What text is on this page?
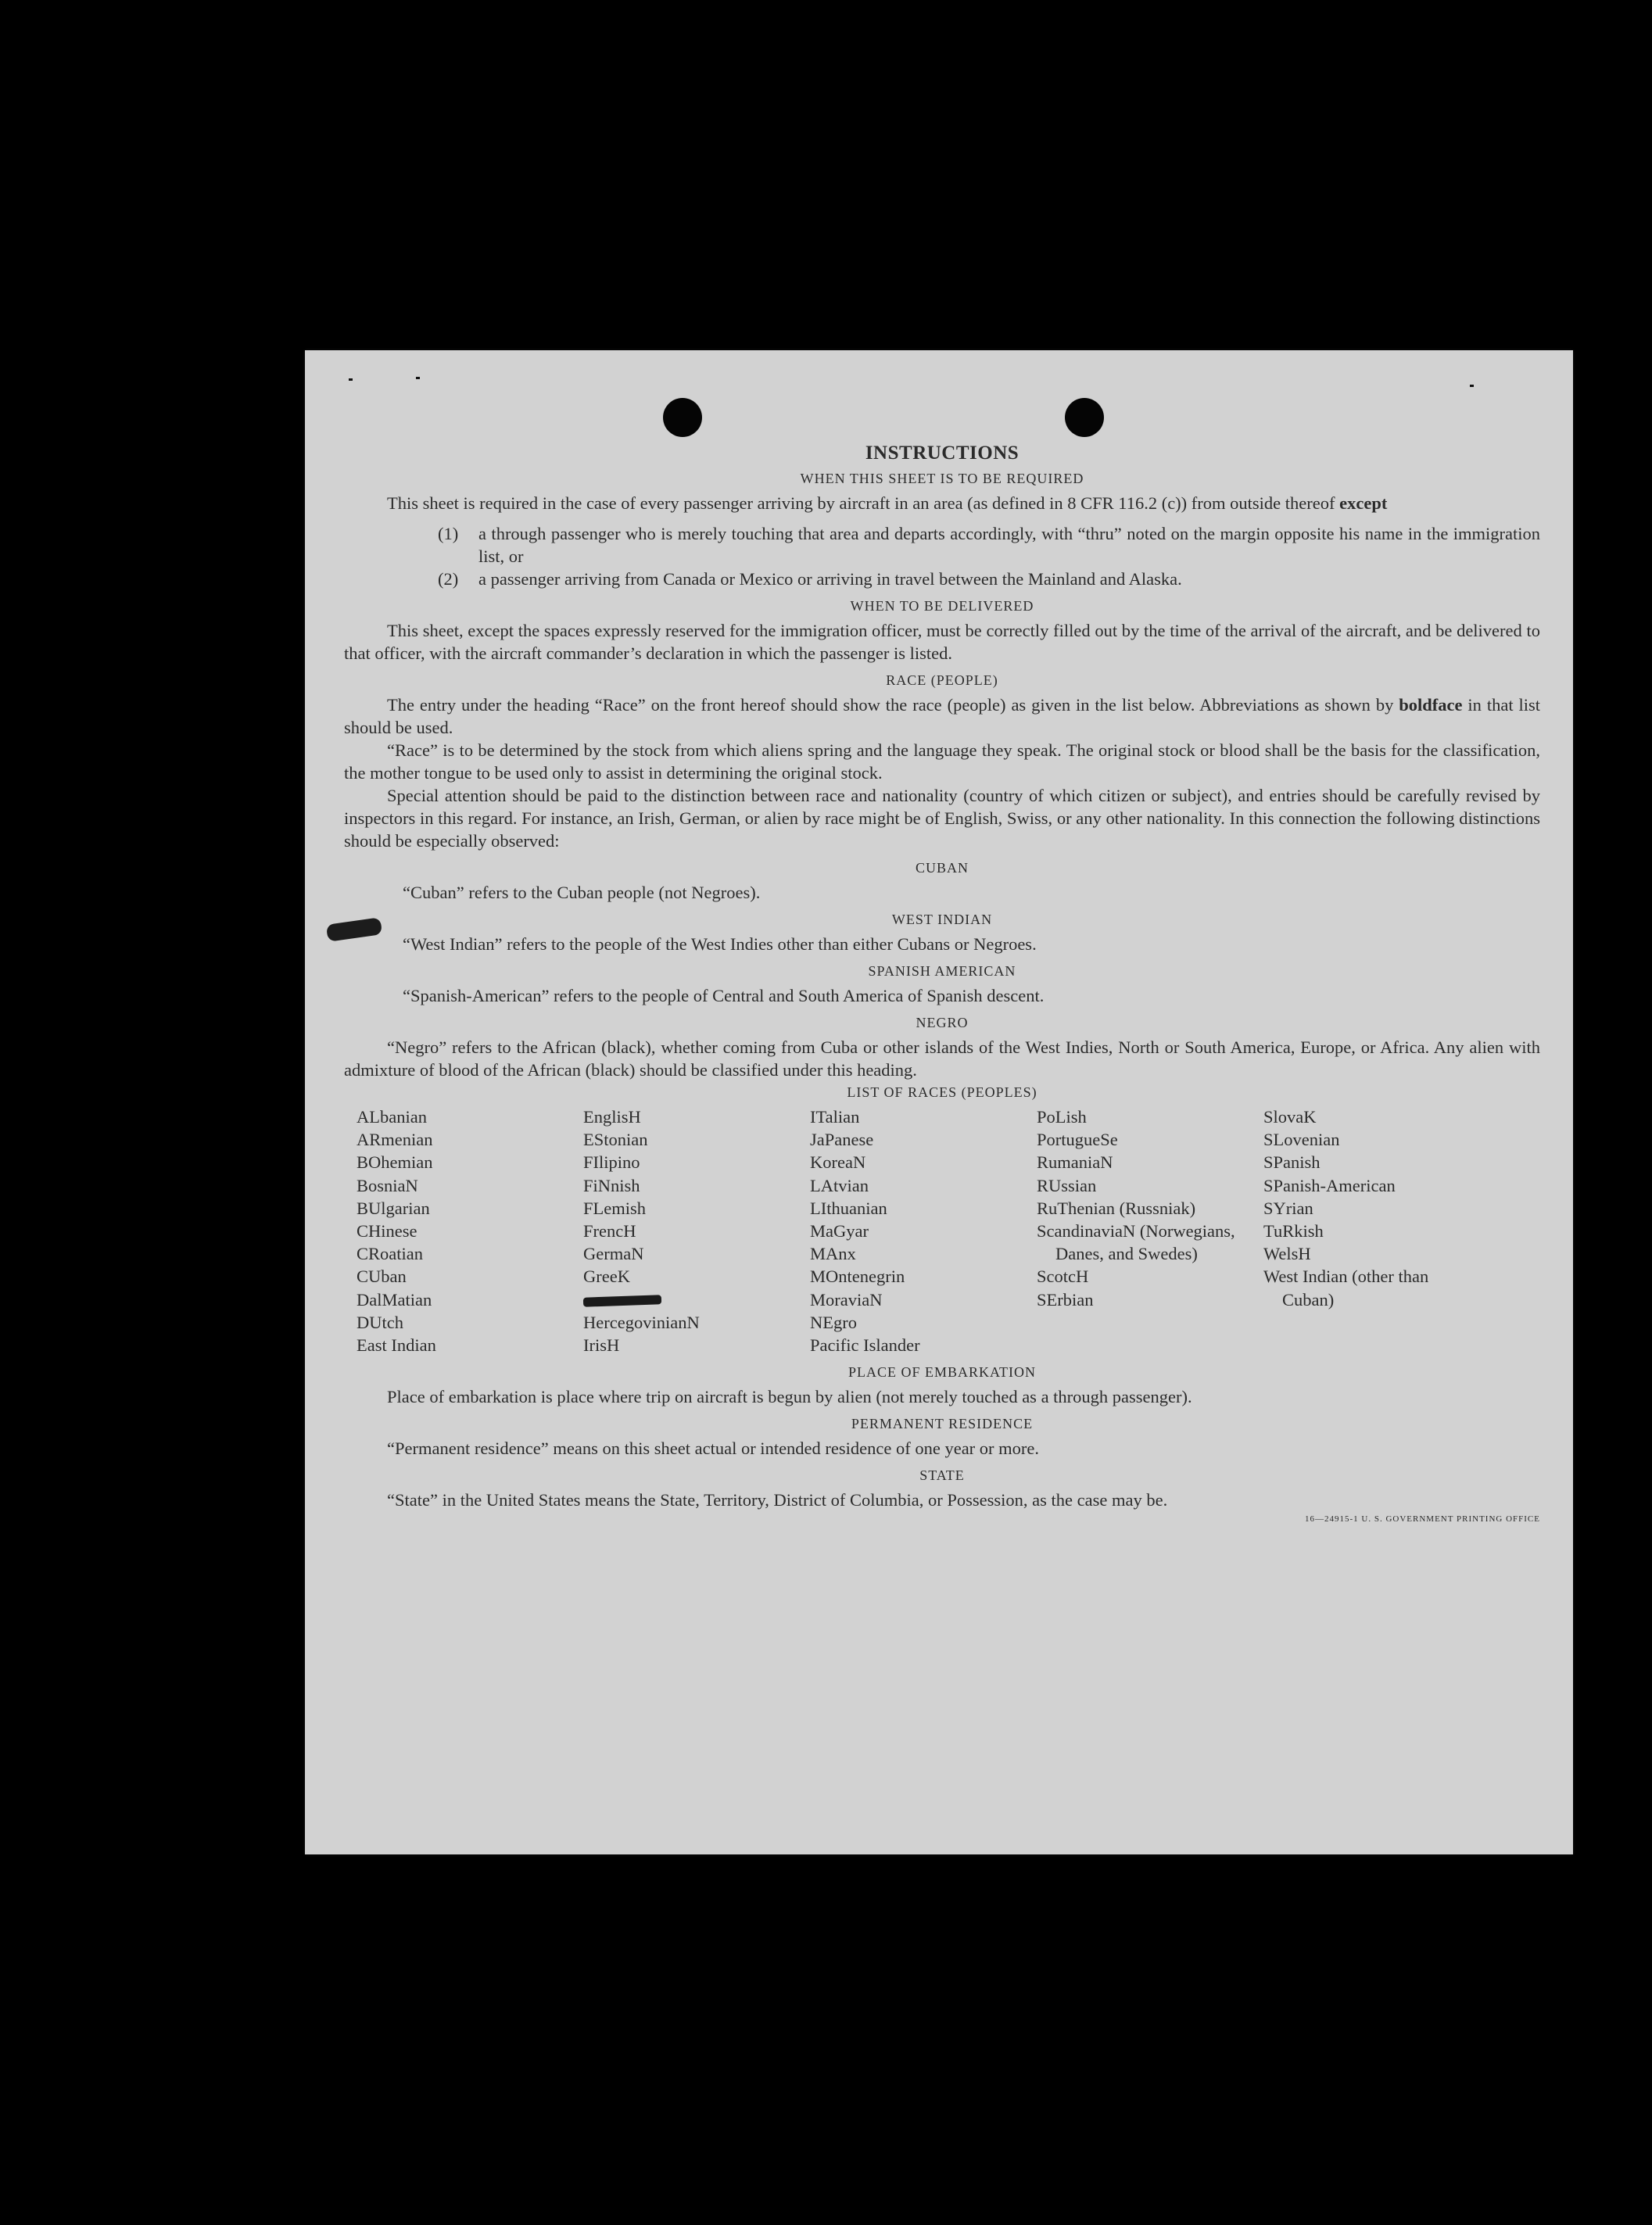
INSTRUCTIONS
WHEN THIS SHEET IS TO BE REQUIRED

This sheet is required in the case of every passenger arriving by aircraft in an area (as defined in 8 CFR 116.2 (c)) from outside thereof except

(1)	a through passenger who is merely touching that area and departs accordingly, with “thru” noted on the margin opposite his name in the immigration list, or
(2)	a passenger arriving from Canada or Mexico or arriving in travel between the Mainland and Alaska.
WHEN TO BE DELIVERED

This sheet, except the spaces expressly reserved for the immigration officer, must be correctly filled out by the time of the arrival of the aircraft, and be delivered to that officer, with the aircraft commander’s declaration in which the passenger is listed.

RACE (PEOPLE)

The entry under the heading “Race” on the front hereof should show the race (people) as given in the list below. Abbreviations as shown by boldface in that list should be used.

“Race” is to be determined by the stock from which aliens spring and the language they speak. The original stock or blood shall be the basis for the classification, the mother tongue to be used only to assist in determining the original stock.

Special attention should be paid to the distinction between race and nationality (country of which citizen or subject), and entries should be carefully revised by inspectors in this regard. For instance, an Irish, German, or alien by race might be of English, Swiss, or any other nationality. In this connection the following distinctions should be especially observed:

CUBAN

“Cuban” refers to the Cuban people (not Negroes).

WEST INDIAN

“West Indian” refers to the people of the West Indies other than either Cubans or Negroes.

SPANISH AMERICAN

“Spanish-American” refers to the people of Central and South America of Spanish descent.

NEGRO

“Negro” refers to the African (black), whether coming from Cuba or other islands of the West Indies, North or South America, Europe, or Africa. Any alien with admixture of blood of the African (black) should be classified under this heading.

LIST OF RACES (PEOPLES)
ALbanian
ARmenian
BOhemian
BosniaN
BUlgarian
CHinese
CRoatian
CUban
DalMatian
DUtch
East Indian
EnglisH
EStonian
FIlipino
FiNnish
FLemish
FrencH
GermaN
GreeK
HercegovinianN
IrisH
ITalian
JaPanese
KoreaN
LAtvian
LIthuanian
MaGyar
MAnx
MOntenegrin
MoraviaN
NEgro
Pacific Islander
PoLish
PortugueSe
RumaniaN
RUssian
RuThenian (Russniak)
ScandinaviaN (Norwegians, Danes, and Swedes)
ScotcH
SErbian
SlovaK
SLovenian
SPanish
SPanish-American
SYrian
TuRkish
WelsH
West Indian (other than Cuban)
PLACE OF EMBARKATION

Place of embarkation is place where trip on aircraft is begun by alien (not merely touched as a through passenger).

PERMANENT RESIDENCE

“Permanent residence” means on this sheet actual or intended residence of one year or more.

STATE

“State” in the United States means the State, Territory, District of Columbia, or Possession, as the case may be.

16—24915-1 U. S. GOVERNMENT PRINTING OFFICE
